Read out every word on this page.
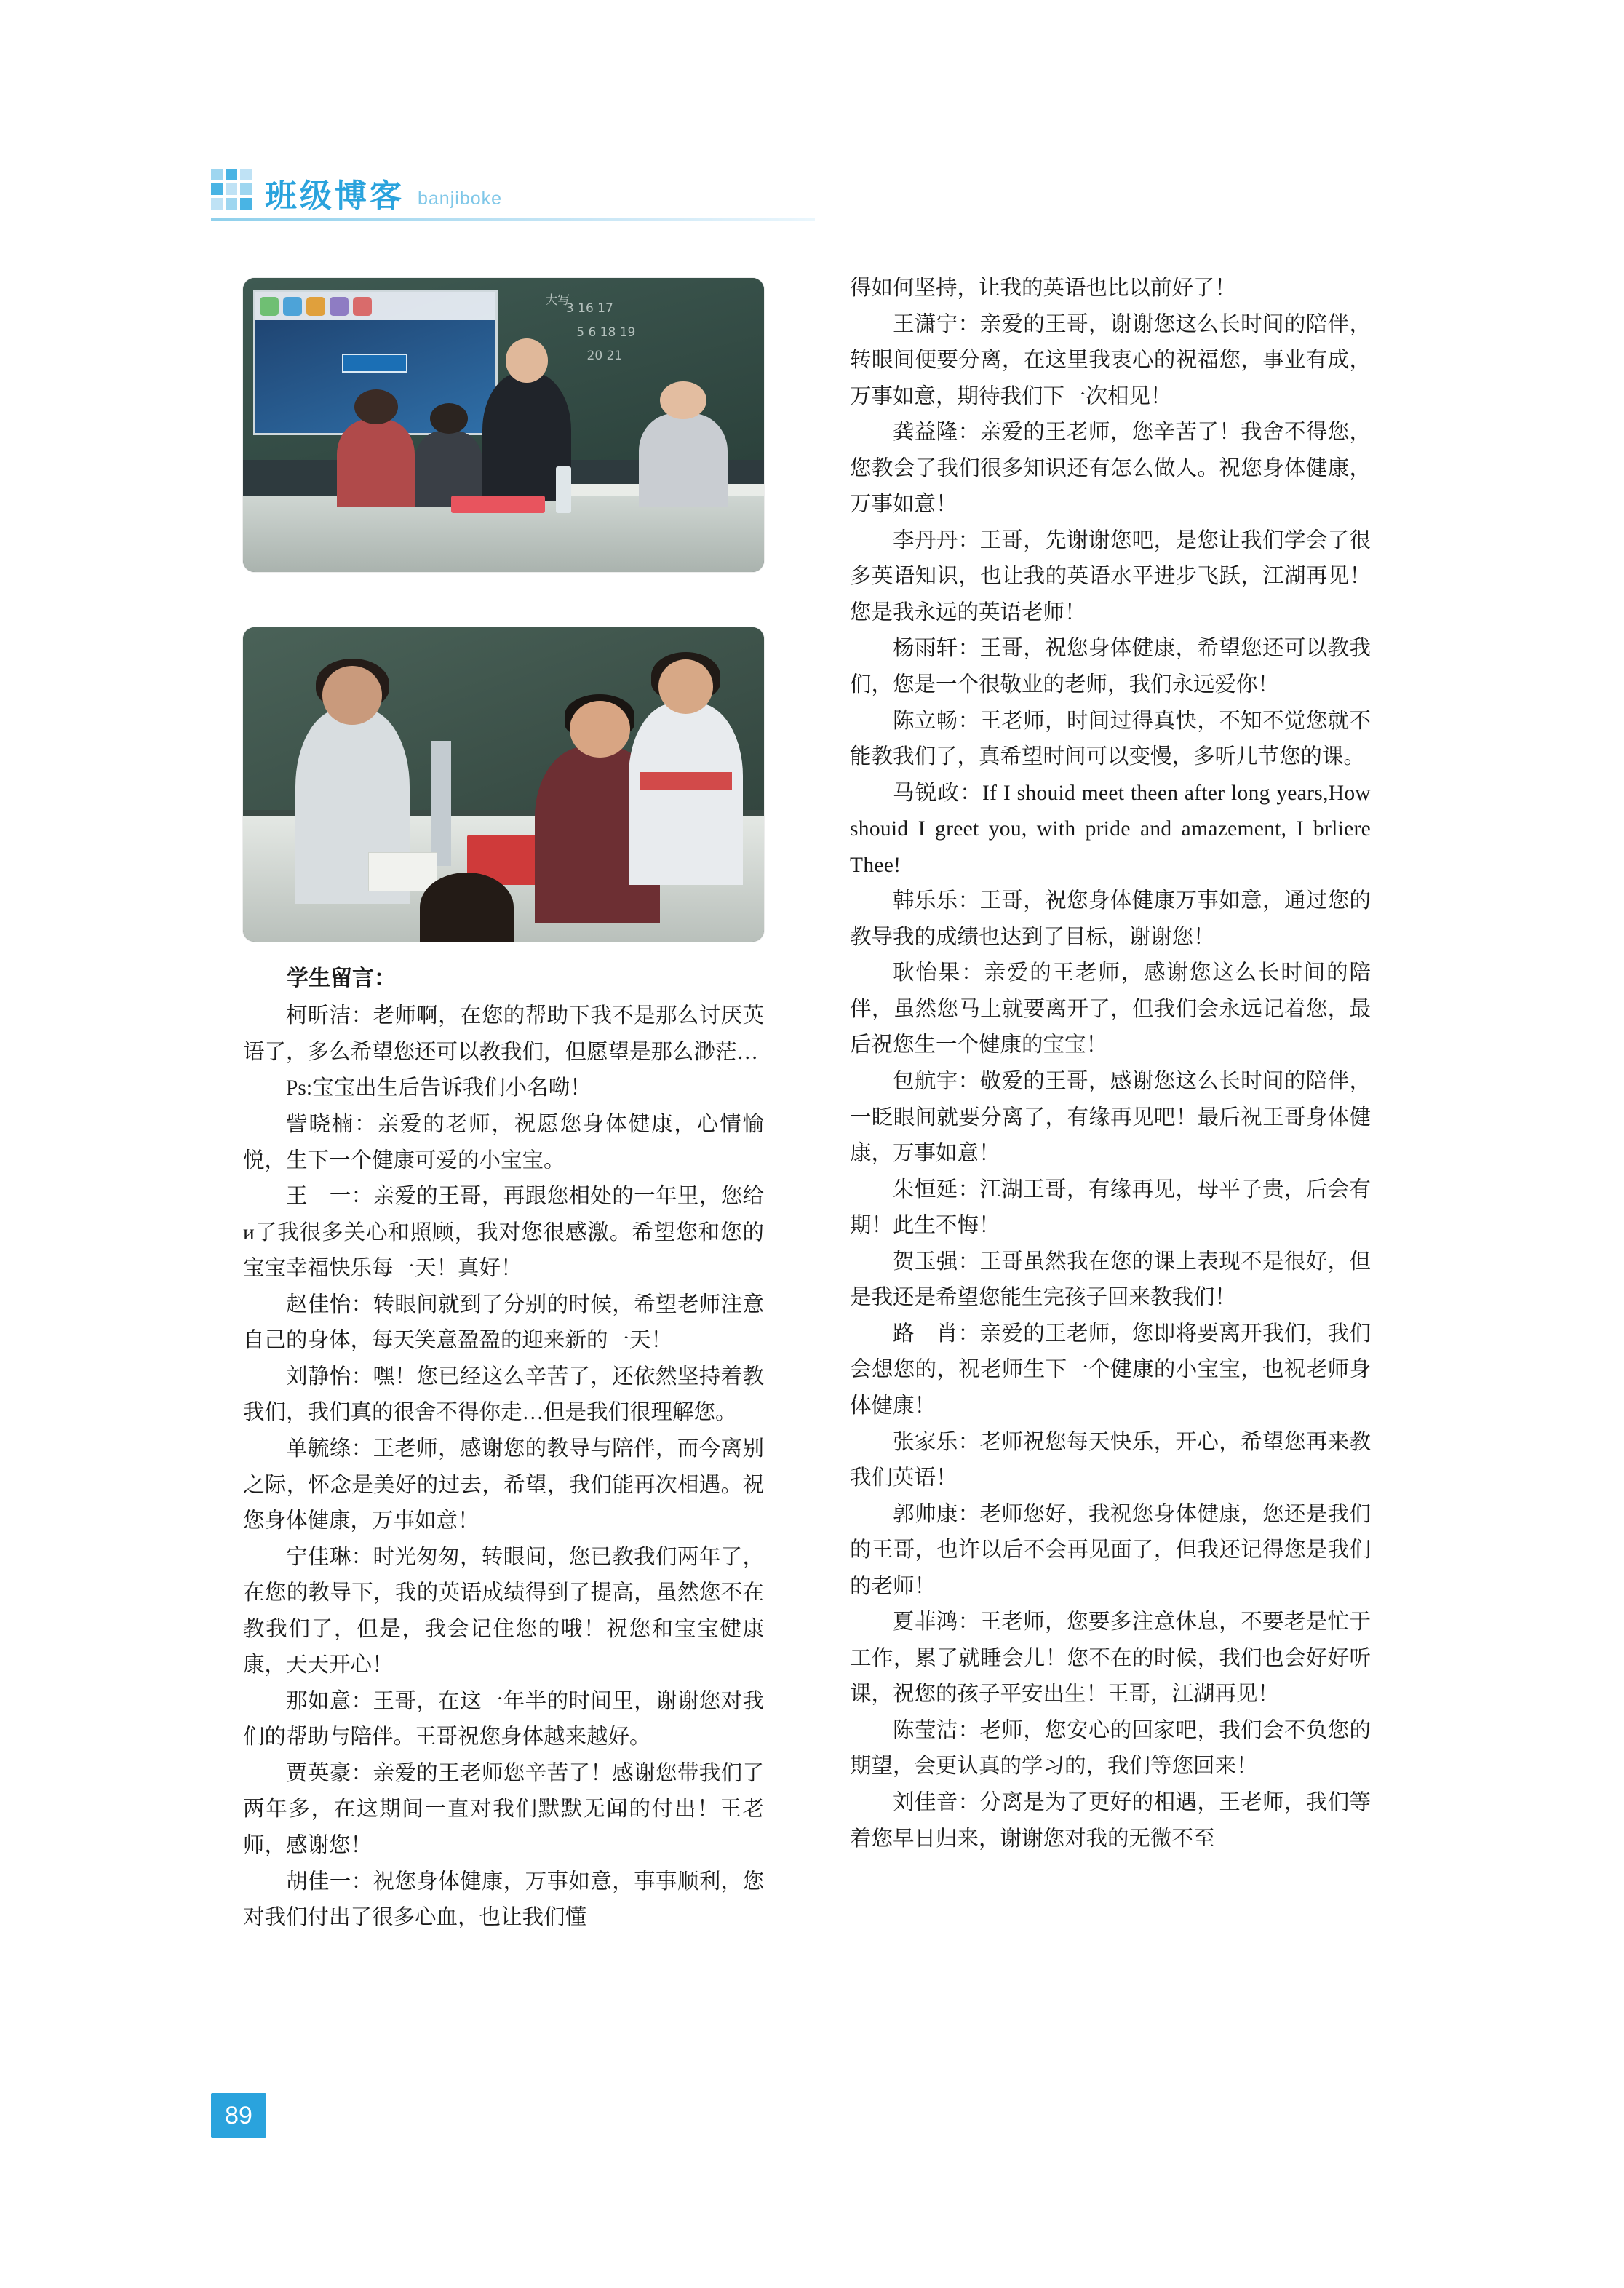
班级博客 banjiboke
3 16 17
5 6 18 19
20 21
大写

学生留言：

柯昕洁：老师啊，在您的帮助下我不是那么讨厌英语了，多么希望您还可以教我们，但愿望是那么渺茫…

Ps:宝宝出生后告诉我们小名呦！

訾晓楠：亲爱的老师，祝愿您身体健康，心情愉悦，生下一个健康可爱的小宝宝。

王　一：亲爱的王哥，再跟您相处的一年里，您给и了我很多关心和照顾，我对您很感激。希望您和您的宝宝幸福快乐每一天！真好！

赵佳怡：转眼间就到了分别的时候，希望老师注意自己的身体，每天笑意盈盈的迎来新的一天！

刘静怡：嘿！您已经这么辛苦了，还依然坚持着教我们，我们真的很舍不得你走…但是我们很理解您。

单毓绦：王老师，感谢您的教导与陪伴，而今离别之际，怀念是美好的过去，希望，我们能再次相遇。祝您身体健康，万事如意！

宁佳琳：时光匆匆，转眼间，您已教我们两年了，在您的教导下，我的英语成绩得到了提高，虽然您不在教我们了，但是，我会记住您的哦！祝您和宝宝健康康，天天开心！

那如意：王哥，在这一年半的时间里，谢谢您对我们的帮助与陪伴。王哥祝您身体越来越好。

贾英豪：亲爱的王老师您辛苦了！感谢您带我们了两年多，在这期间一直对我们默默无闻的付出！王老师，感谢您！

胡佳一：祝您身体健康，万事如意，事事顺利，您对我们付出了很多心血，也让我们懂

得如何坚持，让我的英语也比以前好了！

王潇宁：亲爱的王哥，谢谢您这么长时间的陪伴，转眼间便要分离，在这里我衷心的祝福您，事业有成，万事如意，期待我们下一次相见！

龚益隆：亲爱的王老师，您辛苦了！我舍不得您，您教会了我们很多知识还有怎么做人。祝您身体健康，万事如意！

李丹丹：王哥，先谢谢您吧，是您让我们学会了很多英语知识，也让我的英语水平进步飞跃，江湖再见！您是我永远的英语老师！

杨雨轩：王哥，祝您身体健康，希望您还可以教我们，您是一个很敬业的老师，我们永远爱你！

陈立畅：王老师，时间过得真快，不知不觉您就不能教我们了，真希望时间可以变慢，多听几节您的课。

马锐政：If I shouid meet theen after long years,How shouid I greet you, with pride and amazement, I brliere Thee!

韩乐乐：王哥，祝您身体健康万事如意，通过您的教导我的成绩也达到了目标，谢谢您！

耿怡果：亲爱的王老师，感谢您这么长时间的陪伴，虽然您马上就要离开了，但我们会永远记着您，最后祝您生一个健康的宝宝！

包航宇：敬爱的王哥，感谢您这么长时间的陪伴，一眨眼间就要分离了，有缘再见吧！最后祝王哥身体健康，万事如意！

朱恒延：江湖王哥，有缘再见，母平子贵，后会有期！此生不悔！

贺玉强：王哥虽然我在您的课上表现不是很好，但是我还是希望您能生完孩子回来教我们！

路　肖：亲爱的王老师，您即将要离开我们，我们会想您的，祝老师生下一个健康的小宝宝，也祝老师身体健康！

张家乐：老师祝您每天快乐，开心，希望您再来教我们英语！

郭帅康：老师您好，我祝您身体健康，您还是我们的王哥，也许以后不会再见面了，但我还记得您是我们的老师！

夏菲鸿：王老师，您要多注意休息，不要老是忙于工作，累了就睡会儿！您不在的时候，我们也会好好听课，祝您的孩子平安出生！王哥，江湖再见！

陈莹洁：老师，您安心的回家吧，我们会不负您的期望，会更认真的学习的，我们等您回来！

刘佳音：分离是为了更好的相遇，王老师，我们等着您早日归来，谢谢您对我的无微不至

89
